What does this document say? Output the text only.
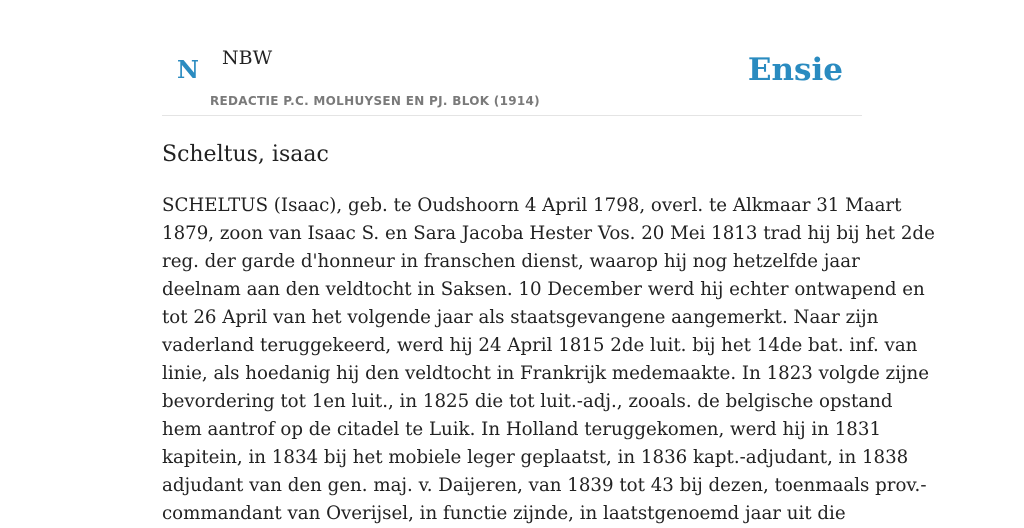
N NBW
REDACTIE P.C. MOLHUYSEN EN PJ. BLOK (1914)
Ensie
Scheltus, isaac

SCHELTUS (Isaac), geb. te Oudshoorn 4 April 1798, overl. te Alkmaar 31 Maart
1879, zoon van Isaac S. en Sara Jacoba Hester Vos. 20 Mei 1813 trad hij bij het 2de
reg. der garde d'honneur in franschen dienst, waarop hij nog hetzelfde jaar
deelnam aan den veldtocht in Saksen. 10 December werd hij echter ontwapend en
tot 26 April van het volgende jaar als staatsgevangene aangemerkt. Naar zijn
vaderland teruggekeerd, werd hij 24 April 1815 2de luit. bij het 14de bat. inf. van
linie, als hoedanig hij den veldtocht in Frankrijk medemaakte. In 1823 volgde zijne
bevordering tot 1en luit., in 1825 die tot luit.-adj., zooals. de belgische opstand
hem aantrof op de citadel te Luik. In Holland teruggekomen, werd hij in 1831
kapitein, in 1834 bij het mobiele leger geplaatst, in 1836 kapt.-adjudant, in 1838
adjudant van den gen. maj. v. Daijeren, van 1839 tot 43 bij dezen, toenmaals prov.-
commandant van Overijsel, in functie zijnde, in laatstgenoemd jaar uit die
